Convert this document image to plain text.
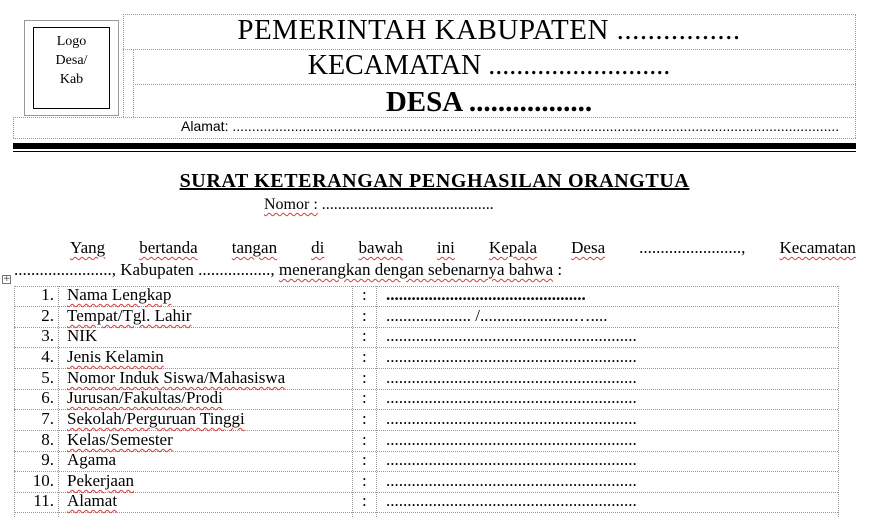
Logo
Desa/
Kab
PEMERINTAH KABUPATEN ................
KECAMATAN ..........................
DESA .................
Alamat: ............................................................................................................................................................
SURAT KETERANGAN PENGHASILAN ORANGTUA
Nomor : ...........................................
Yang bertanda tangan di bawah ini Kepala Desa ........................, Kecamatan
......................., Kabupaten ................., menerangkan dengan sebenarnya bahwa :
+
1. Nama Lengkap	: ...............................................
2. Tempat/Tgl. Lahir	: .................... /......................…....
3. NIK	: ...........................................................
4. Jenis Kelamin	: ...........................................................
5. Nomor Induk Siswa/Mahasiswa	: ...........................................................
6. Jurusan/Fakultas/Prodi	: ...........................................................
7. Sekolah/Perguruan Tinggi	: ...........................................................
8. Kelas/Semester	: ...........................................................
9. Agama	: ...........................................................
10. Pekerjaan	: ...........................................................
11. Alamat	: ...........................................................
